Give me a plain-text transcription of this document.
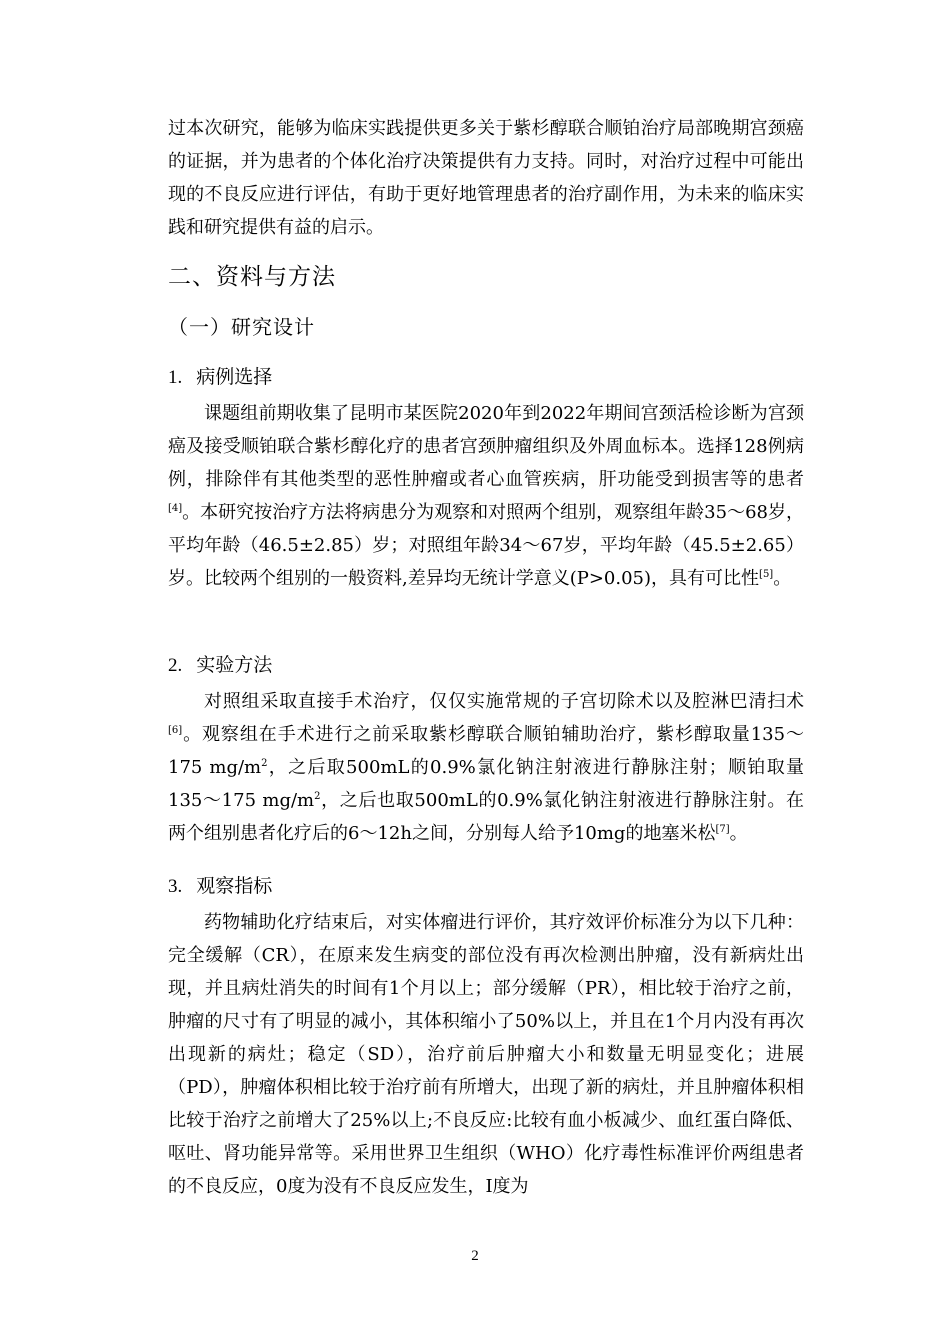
过本次研究，能够为临床实践提供更多关于紫杉醇联合顺铂治疗局部晚期宫颈癌的证据，并为患者的个体化治疗决策提供有力支持。同时，对治疗过程中可能出现的不良反应进行评估，有助于更好地管理患者的治疗副作用，为未来的临床实践和研究提供有益的启示。

二、资料与方法

（一）研究设计

1. 病例选择

课题组前期收集了昆明市某医院2020年到2022年期间宫颈活检诊断为宫颈癌及接受顺铂联合紫杉醇化疗的患者宫颈肿瘤组织及外周血标本。选择128例病例，排除伴有其他类型的恶性肿瘤或者心血管疾病，肝功能受到损害等的患者[4]。本研究按治疗方法将病患分为观察和对照两个组别，观察组年龄35～68岁，平均年龄（46.5±2.85）岁；对照组年龄34～67岁，平均年龄（45.5±2.65）岁。比较两个组别的一般资料,差异均无统计学意义(P>0.05)，具有可比性[5]。

2. 实验方法

对照组采取直接手术治疗，仅仅实施常规的子宫切除术以及腔淋巴清扫术[6]。观察组在手术进行之前采取紫杉醇联合顺铂辅助治疗，紫杉醇取量135～175 $mg/m^2$，之后取500mL的0.9%氯化钠注射液进行静脉注射；顺铂取量135～175 $mg/m^2$，之后也取500mL的0.9%氯化钠注射液进行静脉注射。在两个组别患者化疗后的6～12h之间，分别每人给予10mg的地塞米松[7]。

3. 观察指标

药物辅助化疗结束后，对实体瘤进行评价，其疗效评价标准分为以下几种：完全缓解（CR），在原来发生病变的部位没有再次检测出肿瘤，没有新病灶出现，并且病灶消失的时间有1个月以上；部分缓解（PR），相比较于治疗之前，肿瘤的尺寸有了明显的减小，其体积缩小了50%以上，并且在1个月内没有再次出现新的病灶；稳定（SD），治疗前后肿瘤大小和数量无明显变化；进展（PD），肿瘤体积相比较于治疗前有所增大，出现了新的病灶，并且肿瘤体积相比较于治疗之前增大了25%以上;不良反应:比较有血小板减少、血红蛋白降低、呕吐、肾功能异常等。采用世界卫生组织（WHO）化疗毒性标准评价两组患者的不良反应，0度为没有不良反应发生，Ⅰ度为

2
